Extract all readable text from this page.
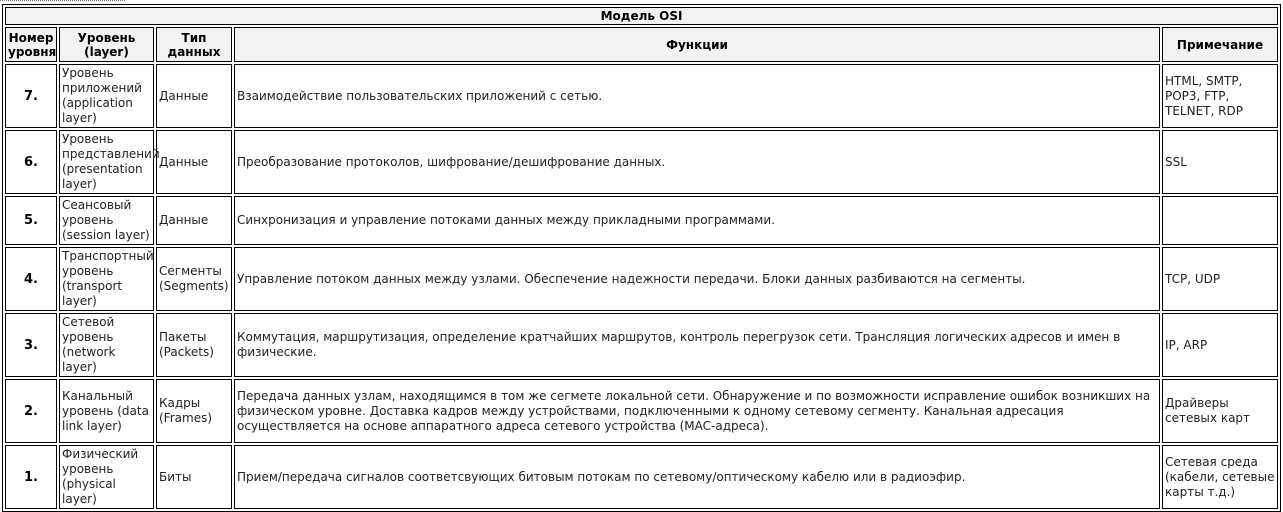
Модель OSI				
Номер уровня	Уровень (layer)	Тип данных	Функции	Примечание
7.	Уровень приложений (application layer)	Данные	Взаимодействие пользовательских приложений с сетью.	HTML, SMTP, POP3, FTP, TELNET, RDP
6.	Уровень представлений (presentation layer)	Данные	Преобразование протоколов, шифрование/дешифрование данных.	SSL
5.	Сеансовый уровень (session layer)	Данные	Синхронизация и управление потоками данных между прикладными программами.	
4.	Транспортный уровень (transport layer)	Сегменты (Segments)	Управление потоком данных между узлами. Обеспечение надежности передачи. Блоки данных разбиваются на сегменты.	TCP, UDP
3.	Сетевой уровень (network layer)	Пакеты (Packets)	Коммутация, маршрутизация, определение кратчайших маршрутов, контроль перегрузок сети. Трансляция логических адресов и имен в физические.	IP, ARP
2.	Канальный уровень (data link layer)	Кадры (Frames)	Передача данных узлам, находящимся в том же сегмете локальной сети. Обнаружение и по возможности исправление ошибок возникших на физическом уровне. Доставка кадров между устройствами, подключенными к одному сетевому сегменту. Канальная адресация осуществляется на основе аппаратного адреса сетевого устройства (MAC-адреса).	Драйверы сетевых карт
1.	Физический уровень (physical layer)	Биты	Прием/передача сигналов соответсвующих битовым потокам по сетевому/оптическому кабелю или в радиоэфир.	Сетевая среда (кабели, сетевые карты т.д.)
